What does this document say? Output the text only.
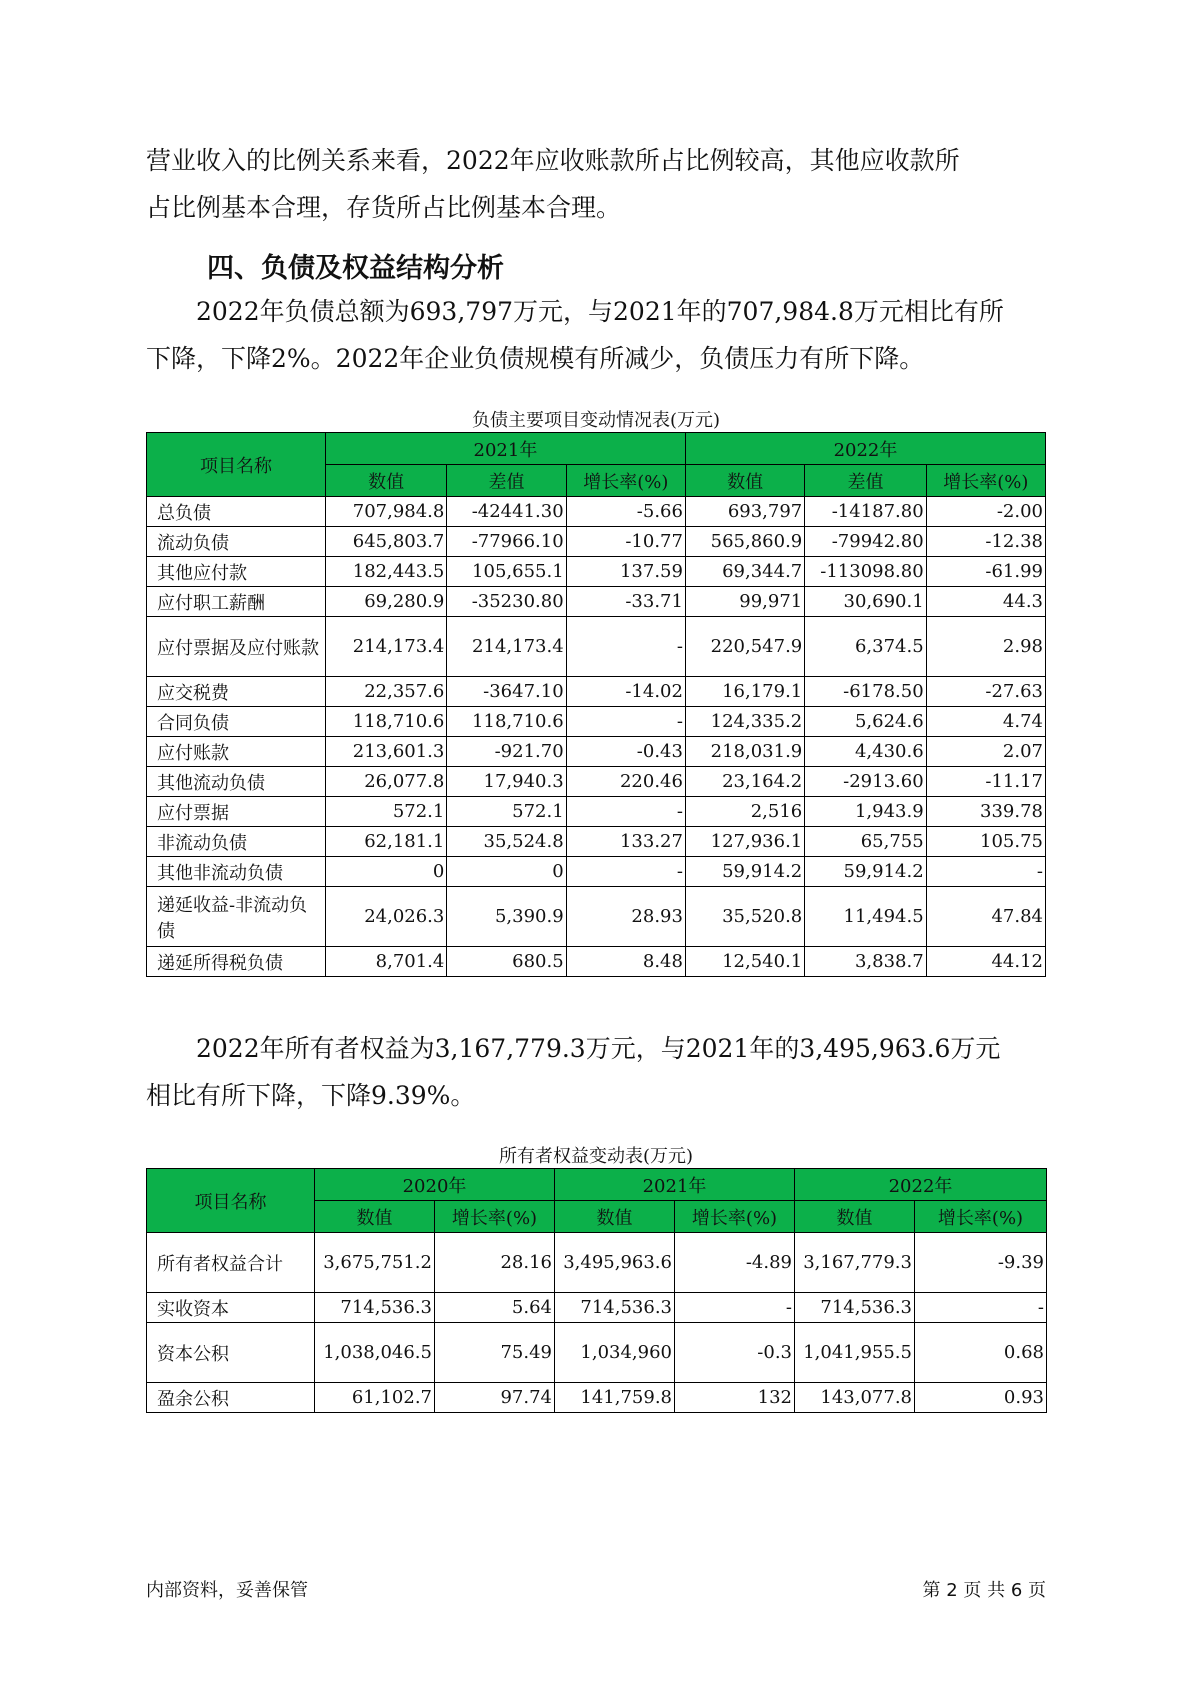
营业收入的比例关系来看，2022年应收账款所占比例较高，其他应收款所
占比例基本合理，存货所占比例基本合理。

四、负债及权益结构分析

2022年负债总额为693,797万元，与2021年的707,984.8万元相比有所
下降，下降2%。2022年企业负债规模有所减少，负债压力有所下降。

负债主要项目变动情况表(万元)

项目名称	2021年			2022年		
	数值	差值	增长率(%)	数值	差值	增长率(%)
总负债	707,984.8	-42441.30	-5.66	693,797	-14187.80	-2.00
流动负债	645,803.7	-77966.10	-10.77	565,860.9	-79942.80	-12.38
其他应付款	182,443.5	105,655.1	137.59	69,344.7	-113098.80	-61.99
应付职工薪酬	69,280.9	-35230.80	-33.71	99,971	30,690.1	44.3
应付票据及应付账款	214,173.4	214,173.4	-	220,547.9	6,374.5	2.98
应交税费	22,357.6	-3647.10	-14.02	16,179.1	-6178.50	-27.63
合同负债	118,710.6	118,710.6	-	124,335.2	5,624.6	4.74
应付账款	213,601.3	-921.70	-0.43	218,031.9	4,430.6	2.07
其他流动负债	26,077.8	17,940.3	220.46	23,164.2	-2913.60	-11.17
应付票据	572.1	572.1	-	2,516	1,943.9	339.78
非流动负债	62,181.1	35,524.8	133.27	127,936.1	65,755	105.75
其他非流动负债	0	0	-	59,914.2	59,914.2	-
递延收益-非流动负债	24,026.3	5,390.9	28.93	35,520.8	11,494.5	47.84
递延所得税负债	8,701.4	680.5	8.48	12,540.1	3,838.7	44.12

2022年所有者权益为3,167,779.3万元，与2021年的3,495,963.6万元
相比有所下降，下降9.39%。

所有者权益变动表(万元)

项目名称	2020年		2021年		2022年	
	数值	增长率(%)	数值	增长率(%)	数值	增长率(%)
所有者权益合计	3,675,751.2	28.16	3,495,963.6	-4.89	3,167,779.3	-9.39
实收资本	714,536.3	5.64	714,536.3	-	714,536.3	-
资本公积	1,038,046.5	75.49	1,034,960	-0.3	1,041,955.5	0.68
盈余公积	61,102.7	97.74	141,759.8	132	143,077.8	0.93
内部资料，妥善保管	第 2 页 共 6 页
